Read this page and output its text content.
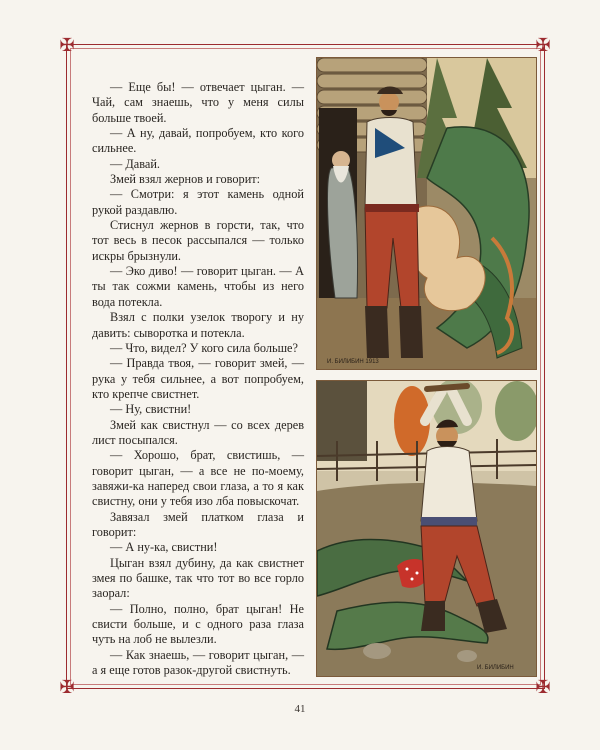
✠	✠
✠	✠

— Еще бы! — отвечает цыган. — Чай, сам знаешь, что у меня силы больше твоей.

— А ну, давай, попробуем, кто кого сильнее.

— Давай.

Змей взял жернов и говорит:

— Смотри: я этот камень одной рукой раздавлю.

Стиснул жернов в горсти, так, что тот весь в песок рассыпался — только искры брызнули.

— Эко диво! — говорит цыган. — А ты так сожми камень, чтобы из него вода потекла.

Взял с полки узелок творогу и ну давить: сыворотка и потекла.

— Что, видел? У кого сила больше?

— Правда твоя, — говорит змей, — рука у тебя сильнее, а вот попробуем, кто крепче свистнет.

— Ну, свистни!

Змей как свистнул — со всех дерев лист посыпался.

— Хорошо, брат, свистишь, — говорит цыган, — а все не по-моему, завяжи-ка наперед свои глаза, а то я как свистну, они у тебя изо лба повыскочат.

Завязал змей платком глаза и говорит:

— А ну-ка, свистни!

Цыган взял дубину, да как свистнет змея по башке, так что тот во все горло заорал:

— Полно, полно, брат цыган! Не свисти больше, и с одного раза глаза чуть на лоб не вылезли.

— Как знаешь, — говорит цыган, — а я еще готов разок-другой свистнуть.

И. БИЛИБИН 1913
И. БИЛИБИН
41
